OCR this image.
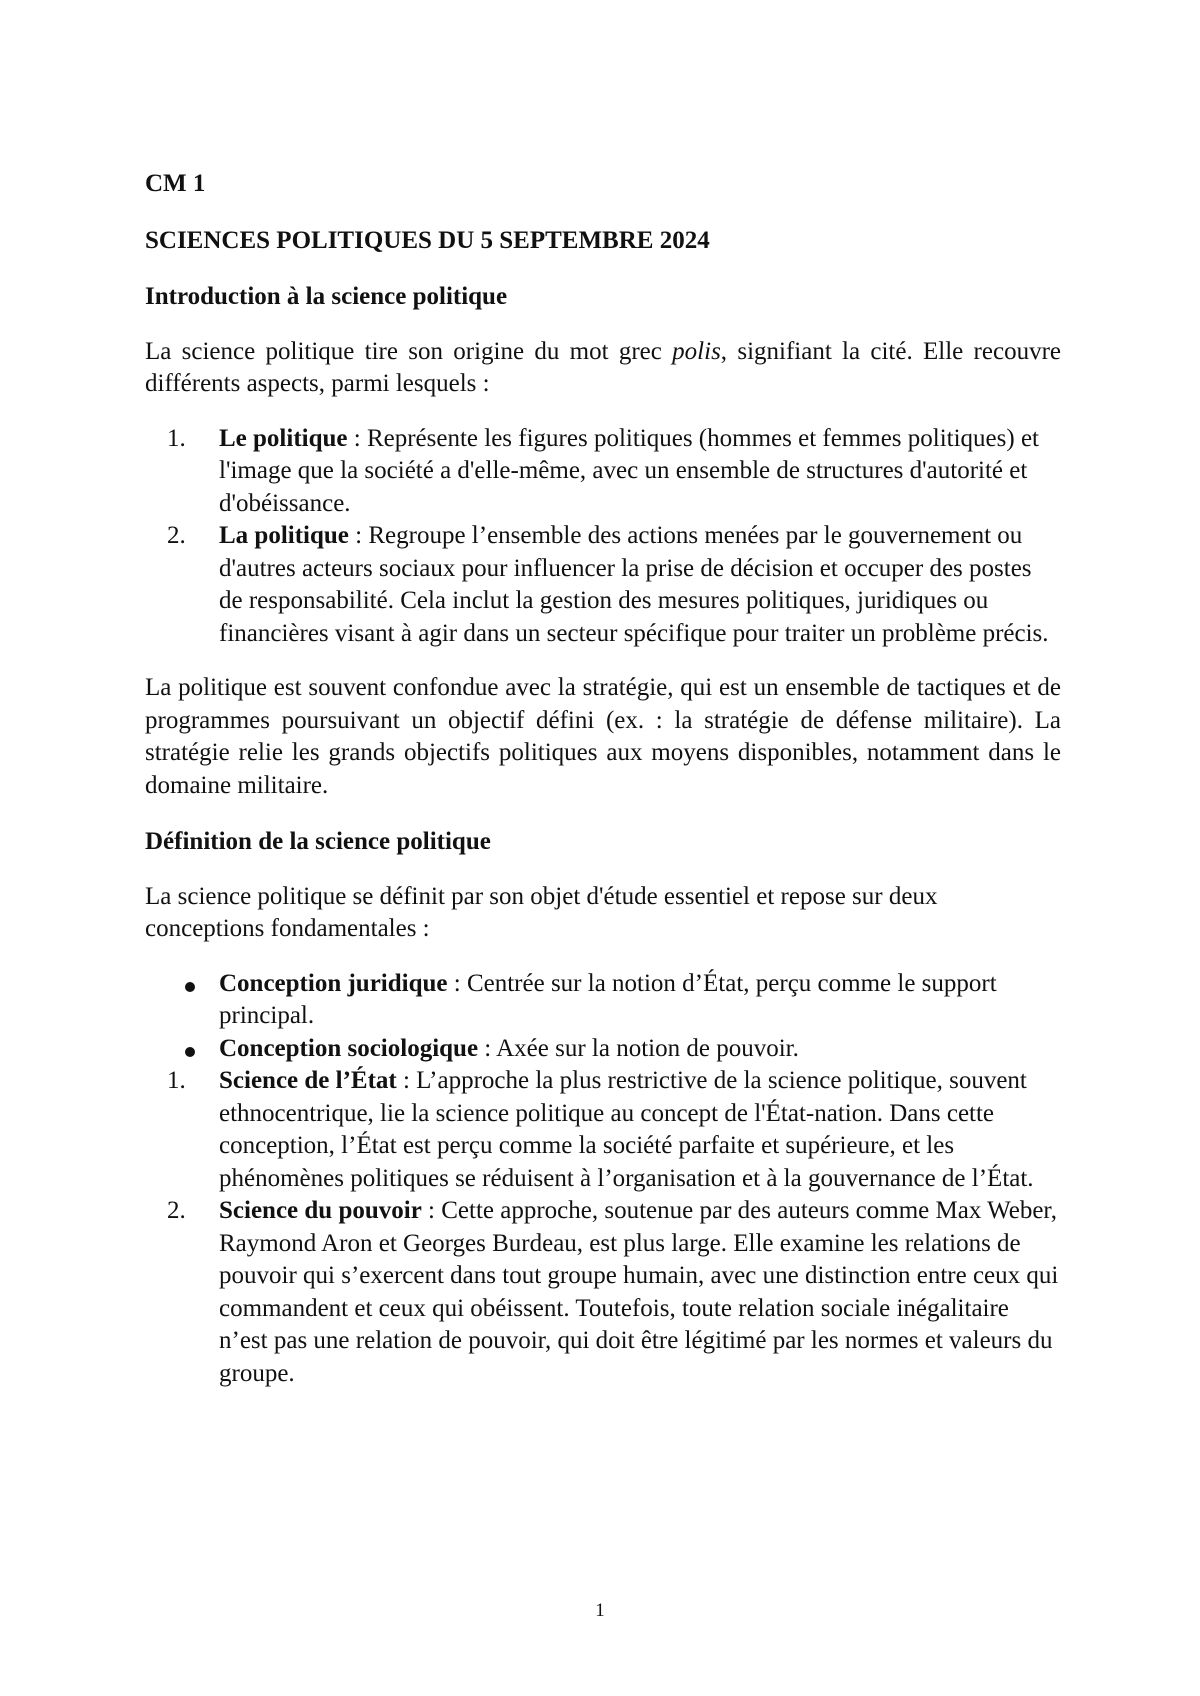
CM 1

SCIENCES POLITIQUES DU 5 SEPTEMBRE 2024

Introduction à la science politique

La science politique tire son origine du mot grec polis, signifiant la cité. Elle recouvre différents aspects, parmi lesquels :

1.	Le politique : Représente les figures politiques (hommes et femmes politiques) et l'image que la société a d'elle-même, avec un ensemble de structures d'autorité et d'obéissance.
2.	La politique : Regroupe l’ensemble des actions menées par le gouvernement ou d'autres acteurs sociaux pour influencer la prise de décision et occuper des postes de responsabilité. Cela inclut la gestion des mesures politiques, juridiques ou financières visant à agir dans un secteur spécifique pour traiter un problème précis.

La politique est souvent confondue avec la stratégie, qui est un ensemble de tactiques et de programmes poursuivant un objectif défini (ex. : la stratégie de défense militaire). La stratégie relie les grands objectifs politiques aux moyens disponibles, notamment dans le domaine militaire.

Définition de la science politique

La science politique se définit par son objet d'étude essentiel et repose sur deux conceptions fondamentales :

Conception juridique : Centrée sur la notion d’État, perçu comme le support principal.
Conception sociologique : Axée sur la notion de pouvoir.
1.	Science de l’État : L’approche la plus restrictive de la science politique, souvent ethnocentrique, lie la science politique au concept de l'État-nation. Dans cette conception, l’État est perçu comme la société parfaite et supérieure, et les phénomènes politiques se réduisent à l’organisation et à la gouvernance de l’État.
2.	Science du pouvoir : Cette approche, soutenue par des auteurs comme Max Weber, Raymond Aron et Georges Burdeau, est plus large. Elle examine les relations de pouvoir qui s’exercent dans tout groupe humain, avec une distinction entre ceux qui commandent et ceux qui obéissent. Toutefois, toute relation sociale inégalitaire n’est pas une relation de pouvoir, qui doit être légitimé par les normes et valeurs du groupe.
1
